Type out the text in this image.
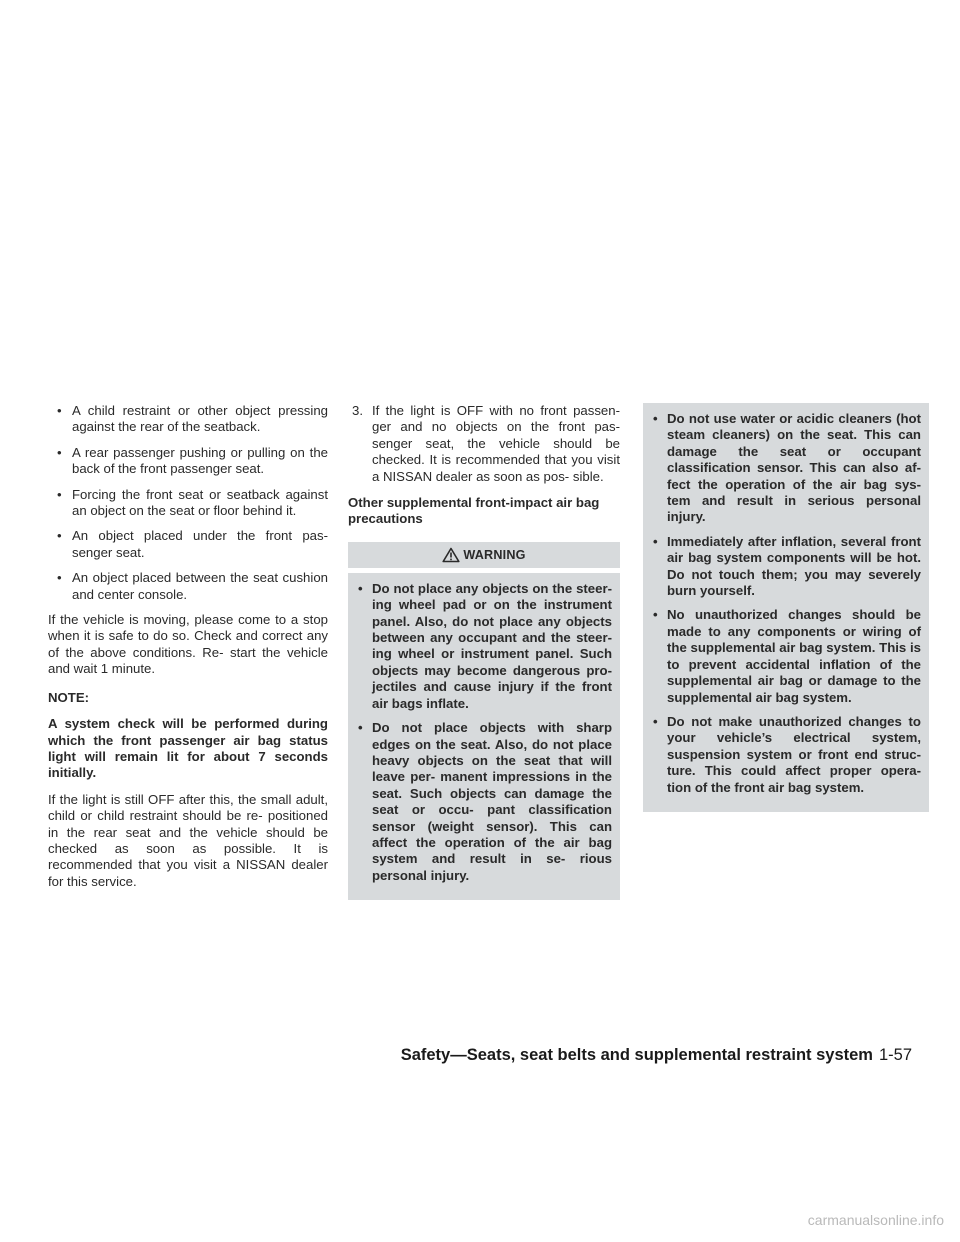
• A child restraint or other object pressing against the rear of the seatback.
• A rear passenger pushing or pulling on the back of the front passenger seat.
• Forcing the front seat or seatback against an object on the seat or floor behind it.
• An object placed under the front pas- senger seat.
• An object placed between the seat cushion and center console.

If the vehicle is moving, please come to a stop when it is safe to do so. Check and correct any of the above conditions. Re- start the vehicle and wait 1 minute.

NOTE:

A system check will be performed during which the front passenger air bag status light will remain lit for about 7 seconds initially.

If the light is still OFF after this, the small adult, child or child restraint should be re- positioned in the rear seat and the vehicle should be checked as soon as possible. It is recommended that you visit a NISSAN dealer for this service.

3. If the light is OFF with no front passen- ger and no objects on the front pas- senger seat, the vehicle should be checked. It is recommended that you visit a NISSAN dealer as soon as pos- sible.
Other supplemental front-impact air bag precautions
WARNING
• Do not place any objects on the steer- ing wheel pad or on the instrument panel. Also, do not place any objects between any occupant and the steer- ing wheel or instrument panel. Such objects may become dangerous pro- jectiles and cause injury if the front air bags inflate.
• Do not place objects with sharp edges on the seat. Also, do not place heavy objects on the seat that will leave per- manent impressions in the seat. Such objects can damage the seat or occu- pant classification sensor (weight sensor). This can affect the operation of the air bag system and result in se- rious personal injury.
• Do not use water or acidic cleaners (hot steam cleaners) on the seat. This can damage the seat or occupant classification sensor. This can also af- fect the operation of the air bag sys- tem and result in serious personal injury.
• Immediately after inflation, several front air bag system components will be hot. Do not touch them; you may severely burn yourself.
• No unauthorized changes should be made to any components or wiring of the supplemental air bag system. This is to prevent accidental inflation of the supplemental air bag or damage to the supplemental air bag system.
• Do not make unauthorized changes to your vehicle’s electrical system, suspension system or front end struc- ture. This could affect proper opera- tion of the front air bag system.
Safety—Seats, seat belts and supplemental restraint system 1-57
carmanualsonline.info
